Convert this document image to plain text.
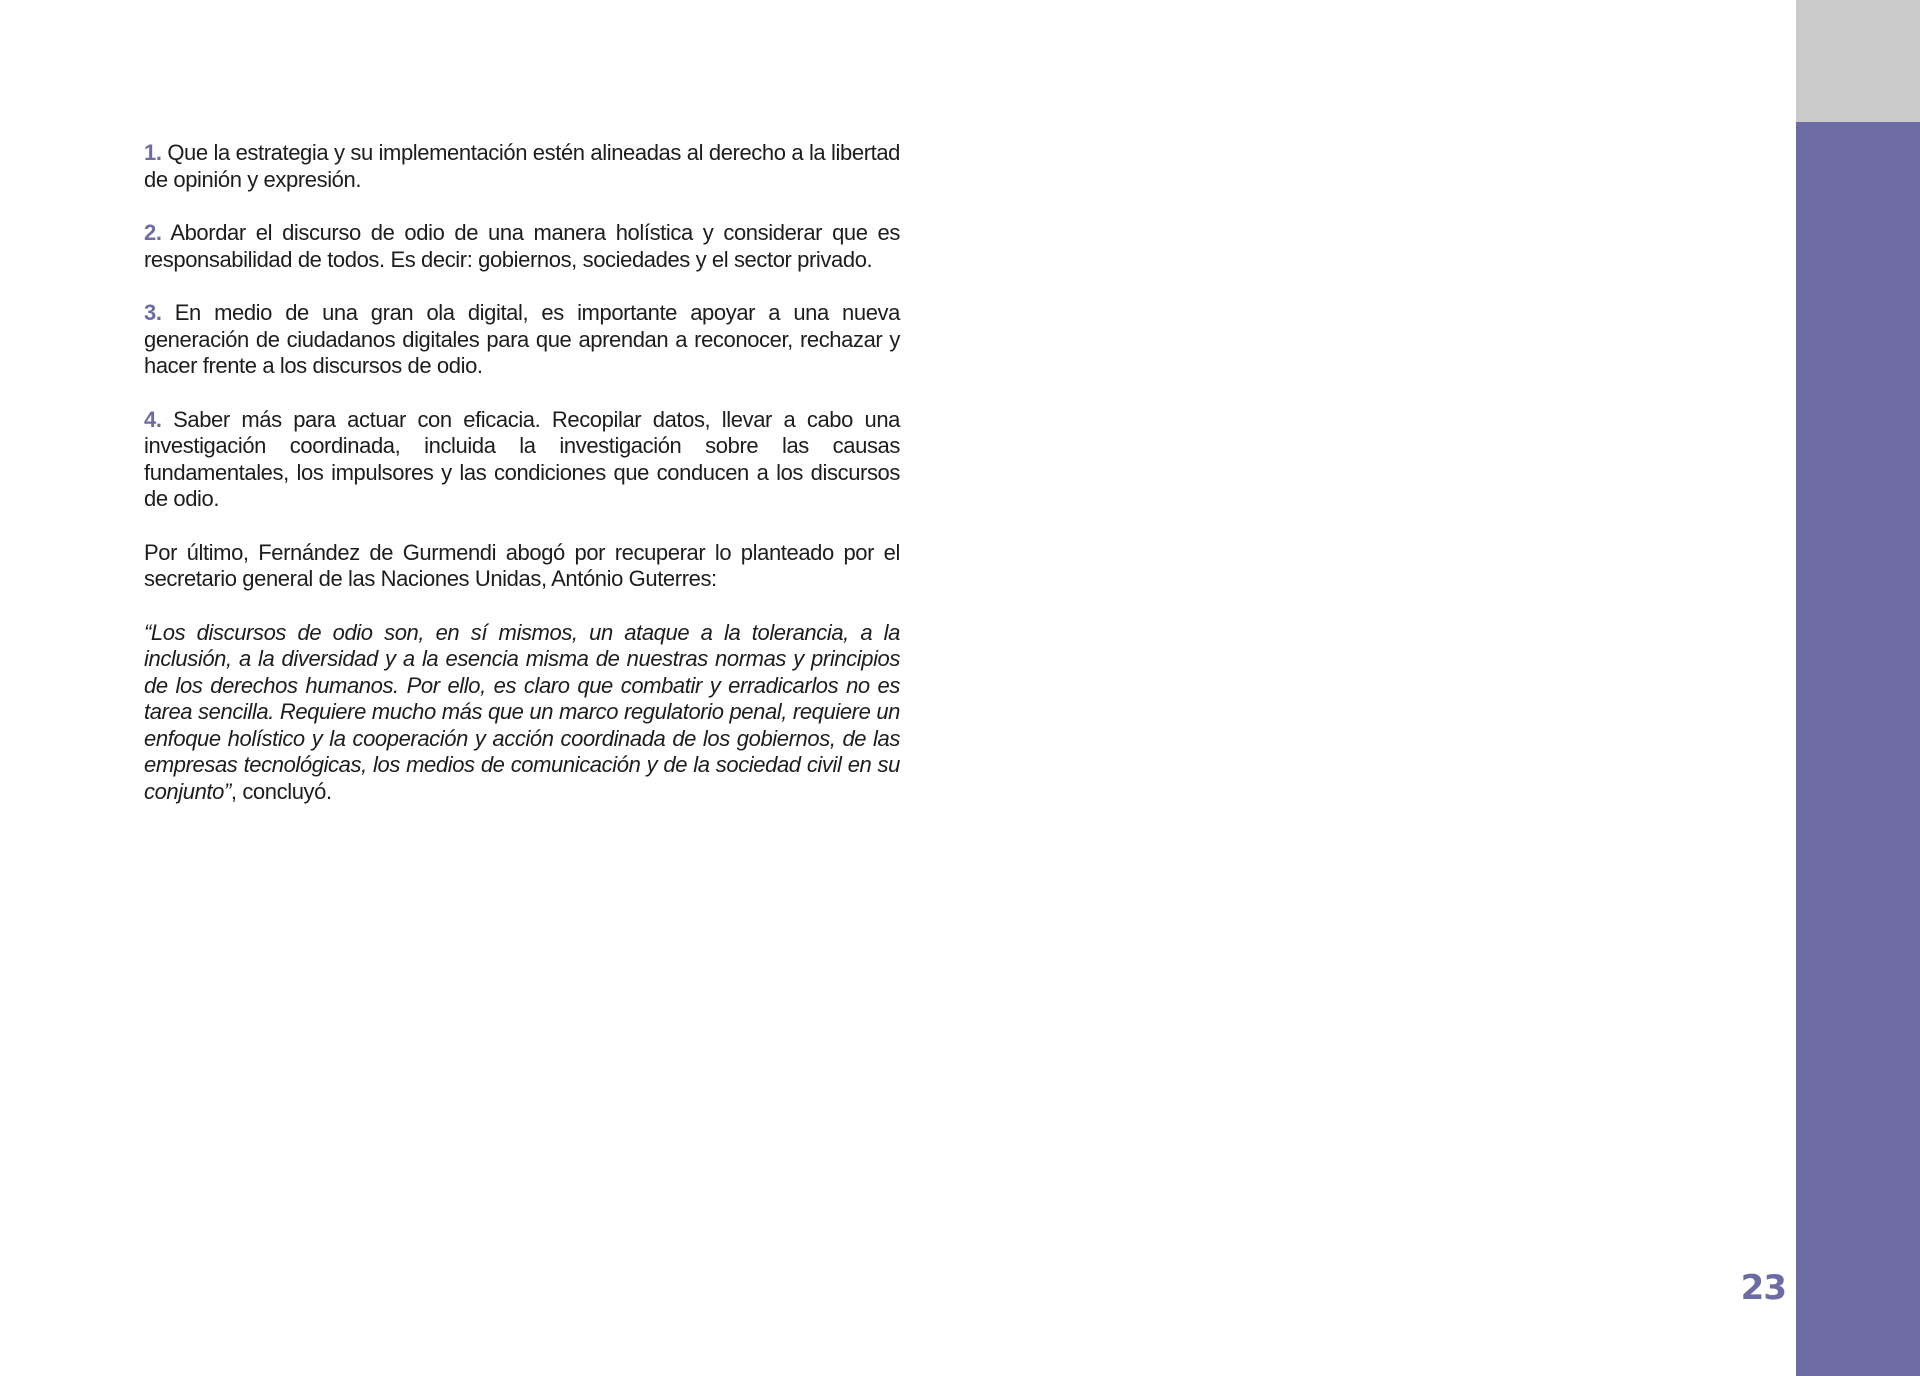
1. Que la estrategia y su implementación estén alineadas al derecho a la libertad de opinión y expresión.

2. Abordar el discurso de odio de una manera holística y considerar que es responsabilidad de todos. Es decir: gobiernos, sociedades y el sector privado.

3. En medio de una gran ola digital, es importante apoyar a una nueva generación de ciudadanos digitales para que aprendan a reconocer, rechazar y hacer frente a los discursos de odio.

4. Saber más para actuar con eficacia. Recopilar datos, llevar a cabo una investigación coordinada, incluida la investigación sobre las causas fundamentales, los impulsores y las condiciones que conducen a los discursos de odio.

Por último, Fernández de Gurmendi abogó por recuperar lo planteado por el secretario general de las Naciones Unidas, António Guterres:

“Los discursos de odio son, en sí mismos, un ataque a la tolerancia, a la inclusión, a la diversidad y a la esencia misma de nuestras normas y principios de los derechos humanos. Por ello, es claro que combatir y erradicarlos no es tarea sencilla. Requiere mucho más que un marco regulatorio penal, requiere un enfoque holístico y la cooperación y acción coordinada de los gobiernos, de las empresas tecnológicas, los medios de comunicación y de la sociedad civil en su conjunto”, concluyó.

23
